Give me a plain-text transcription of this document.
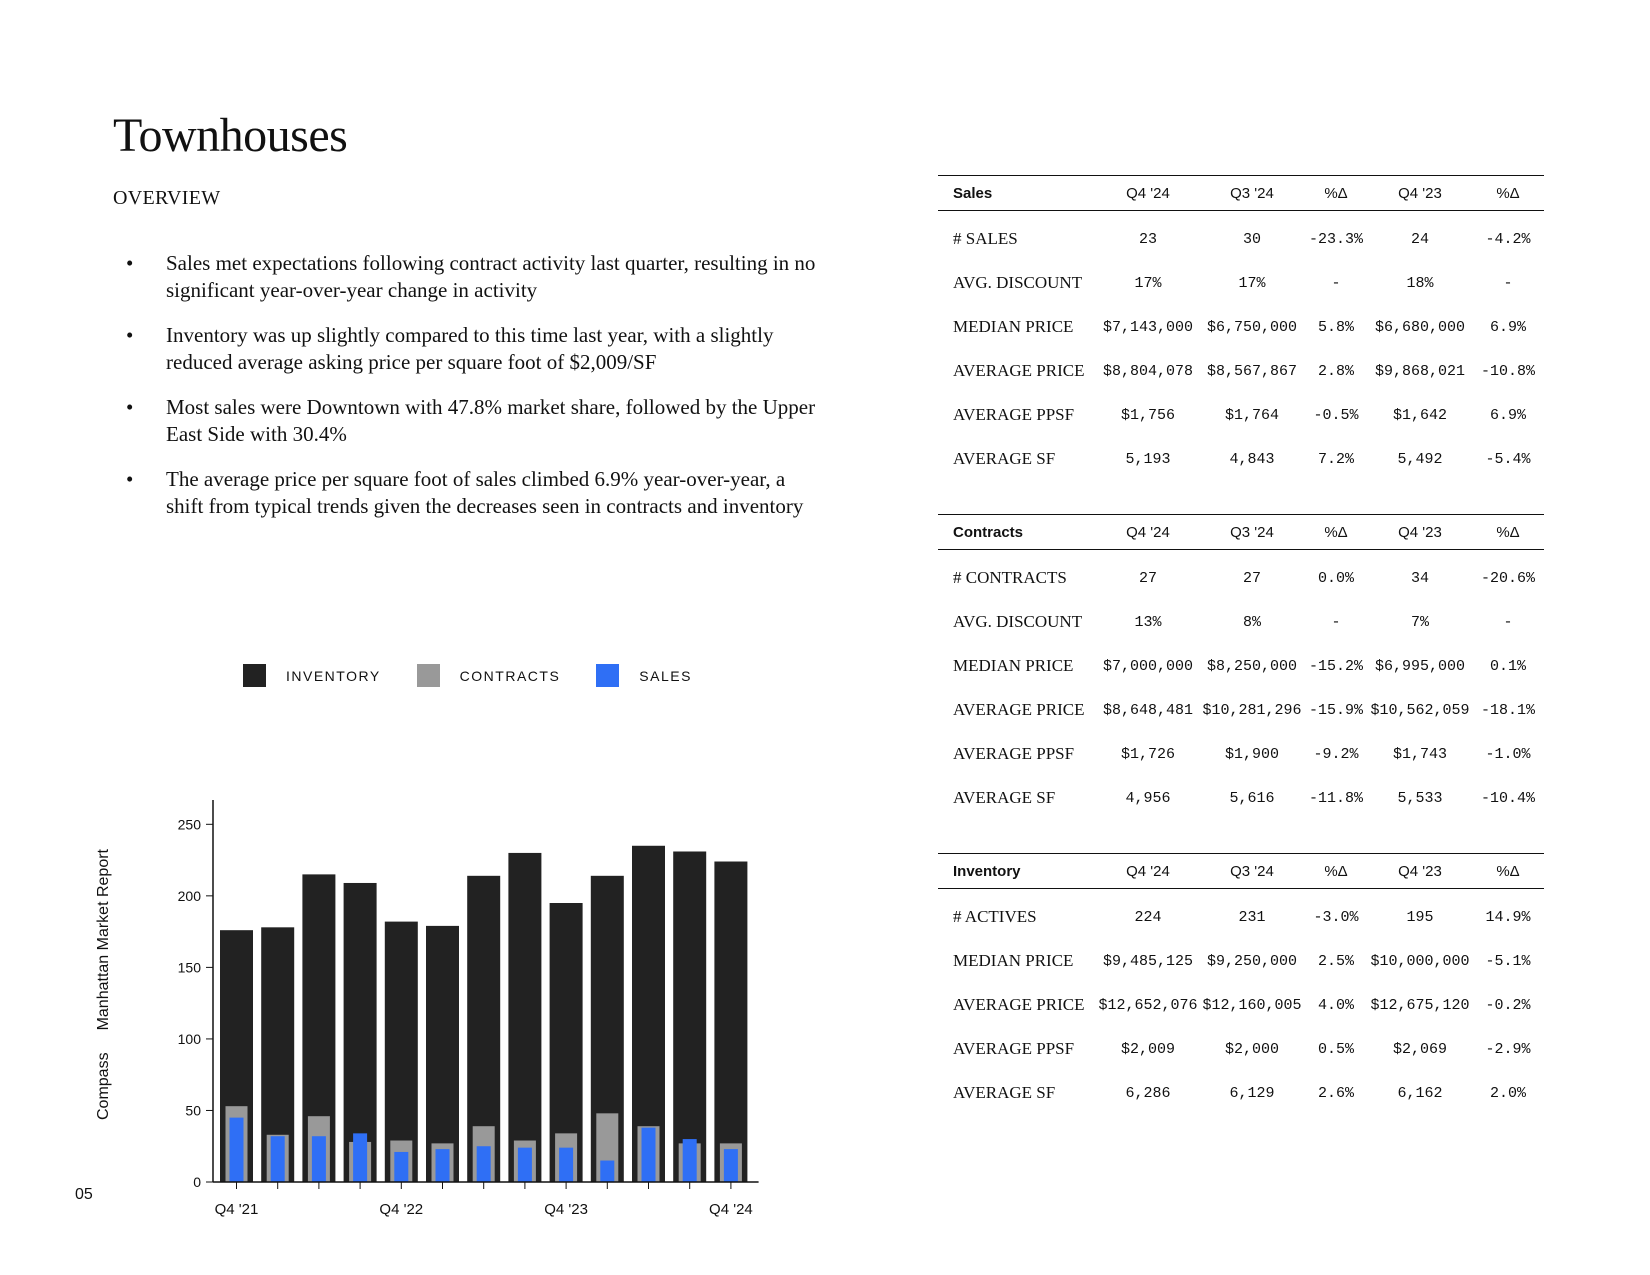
Townhouses
OVERVIEW
• Sales met expectations following contract activity last quarter, resulting in no significant year-over-year change in activity
• Inventory was up slightly compared to this time last year, with a slightly reduced average asking price per square foot of $2,009/SF
• Most sales were Downtown with 47.8% market share, followed by the Upper East Side with 30.4%
• The average price per square foot of sales climbed 6.9% year-over-year, a shift from typical trends given the decreases seen in contracts and inventory
INVENTORY	CONTRACTS	SALES
0
50
100
150
200
250
Q4 '21	Q4 '22	Q4 '23	Q4 '24
CompassManhattan Market Report
05
Sales	Q4 '24	Q3 '24	%Δ	Q4 '23	%Δ
# SALES	23	30	-23.3%	24	-4.2%
AVG. DISCOUNT	17%	17%	-	18%	-
MEDIAN PRICE	$7,143,000	$6,750,000	5.8%	$6,680,000	6.9%
AVERAGE PRICE	$8,804,078	$8,567,867	2.8%	$9,868,021	-10.8%
AVERAGE PPSF	$1,756	$1,764	-0.5%	$1,642	6.9%
AVERAGE SF	5,193	4,843	7.2%	5,492	-5.4%
Contracts	Q4 '24	Q3 '24	%Δ	Q4 '23	%Δ
# CONTRACTS	27	27	0.0%	34	-20.6%
AVG. DISCOUNT	13%	8%	-	7%	-
MEDIAN PRICE	$7,000,000	$8,250,000	-15.2%	$6,995,000	0.1%
AVERAGE PRICE	$8,648,481	$10,281,296	-15.9%	$10,562,059	-18.1%
AVERAGE PPSF	$1,726	$1,900	-9.2%	$1,743	-1.0%
AVERAGE SF	4,956	5,616	-11.8%	5,533	-10.4%
Inventory	Q4 '24	Q3 '24	%Δ	Q4 '23	%Δ
# ACTIVES	224	231	-3.0%	195	14.9%
MEDIAN PRICE	$9,485,125	$9,250,000	2.5%	$10,000,000	-5.1%
AVERAGE PRICE	$12,652,076	$12,160,005	4.0%	$12,675,120	-0.2%
AVERAGE PPSF	$2,009	$2,000	0.5%	$2,069	-2.9%
AVERAGE SF	6,286	6,129	2.6%	6,162	2.0%
